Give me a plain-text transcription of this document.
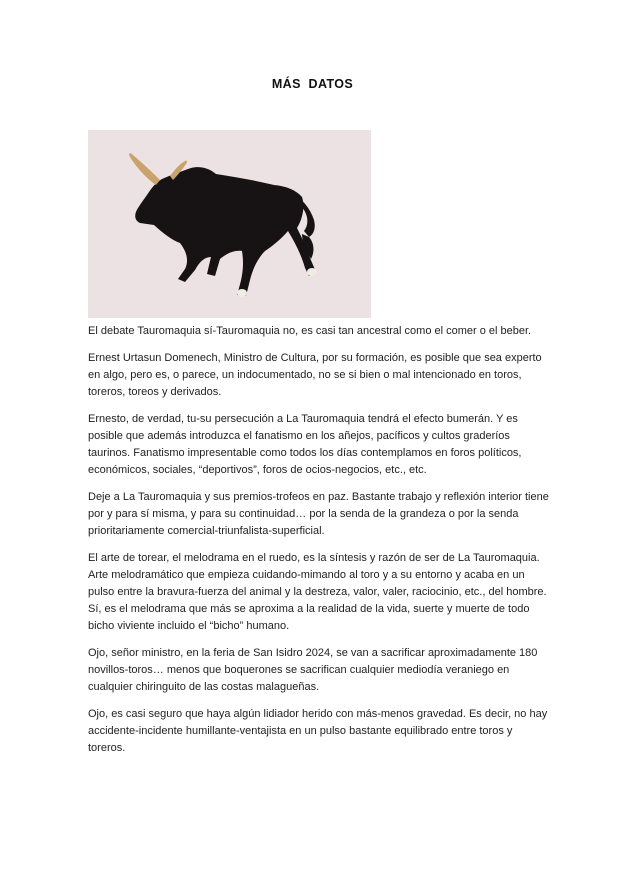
MÁS  DATOS

El debate Tauromaquia sí-Tauromaquia no, es casi tan ancestral como el comer o el beber.

Ernest Urtasun Domenech, Ministro de Cultura, por su formación, es posible que sea experto en algo, pero es, o parece, un indocumentado, no se si bien o mal intencionado en toros, toreros, toreos y derivados.

Ernesto, de verdad, tu-su persecución a La Tauromaquia tendrá el efecto bumerán. Y es posible que además introduzca el fanatismo en los añejos, pacíficos y cultos graderíos taurinos. Fanatismo impresentable como todos los días contemplamos en foros políticos, económicos, sociales, “deportivos”, foros de ocios-negocios, etc., etc.

Deje a La Tauromaquia y sus premios-trofeos en paz. Bastante trabajo y reflexión interior tiene por y para sí misma, y para su continuidad… por la senda de la grandeza o por la senda prioritariamente comercial-triunfalista-superficial.

El arte de torear, el melodrama en el ruedo, es la síntesis y razón de ser de La Tauromaquia. Arte melodramático que empieza cuidando-mimando al toro y a su entorno y acaba en un pulso entre la bravura-fuerza del animal y la destreza, valor, valer, raciocinio, etc., del hombre. Sí, es el melodrama que más se aproxima a la realidad de la vida, suerte y muerte de todo bicho viviente incluido el “bicho” humano.

Ojo, señor ministro, en la feria de San Isidro 2024, se van a sacrificar aproximadamente 180 novillos-toros… menos que boquerones se sacrifican cualquier mediodía veraniego en cualquier chiringuito de las costas malagueñas.

Ojo, es casi seguro que haya algún lidiador herido con más-menos gravedad. Es decir, no hay accidente-incidente humillante-ventajista en un pulso bastante equilibrado entre toros y toreros.
